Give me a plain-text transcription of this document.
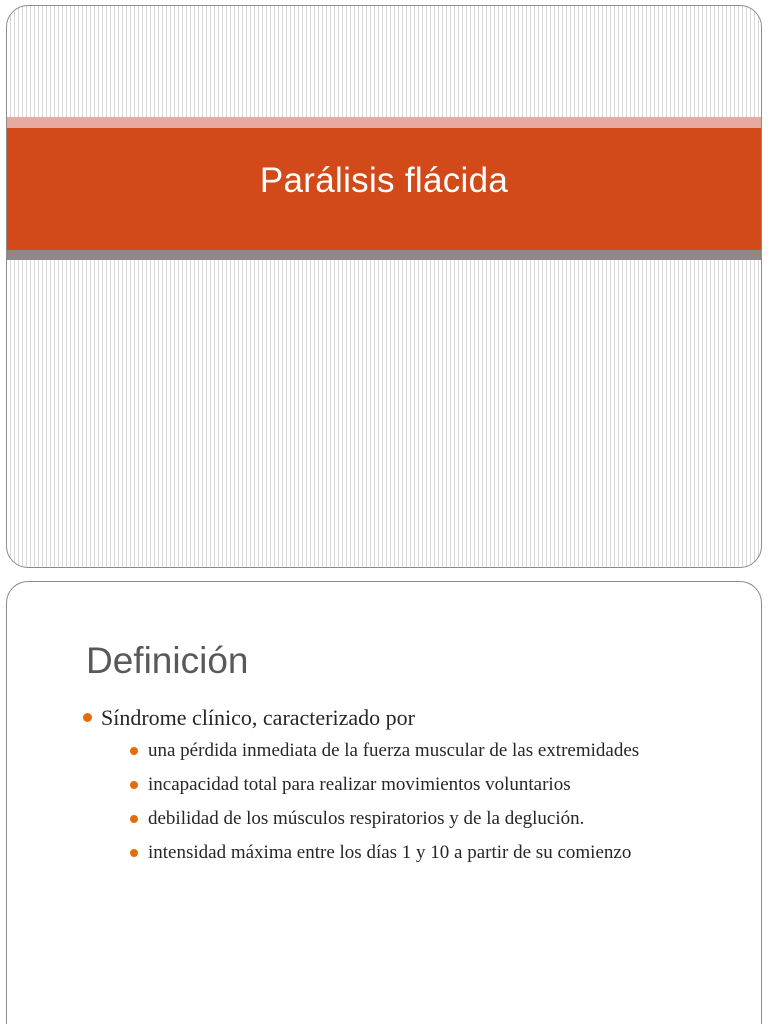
Parálisis flácida
Definición
Síndrome clínico, caracterizado por
una pérdida inmediata de la fuerza muscular de las extremidades
incapacidad total para realizar movimientos voluntarios
debilidad de los músculos respiratorios y de la deglución.
intensidad máxima entre los días 1 y 10 a partir de su comienzo
